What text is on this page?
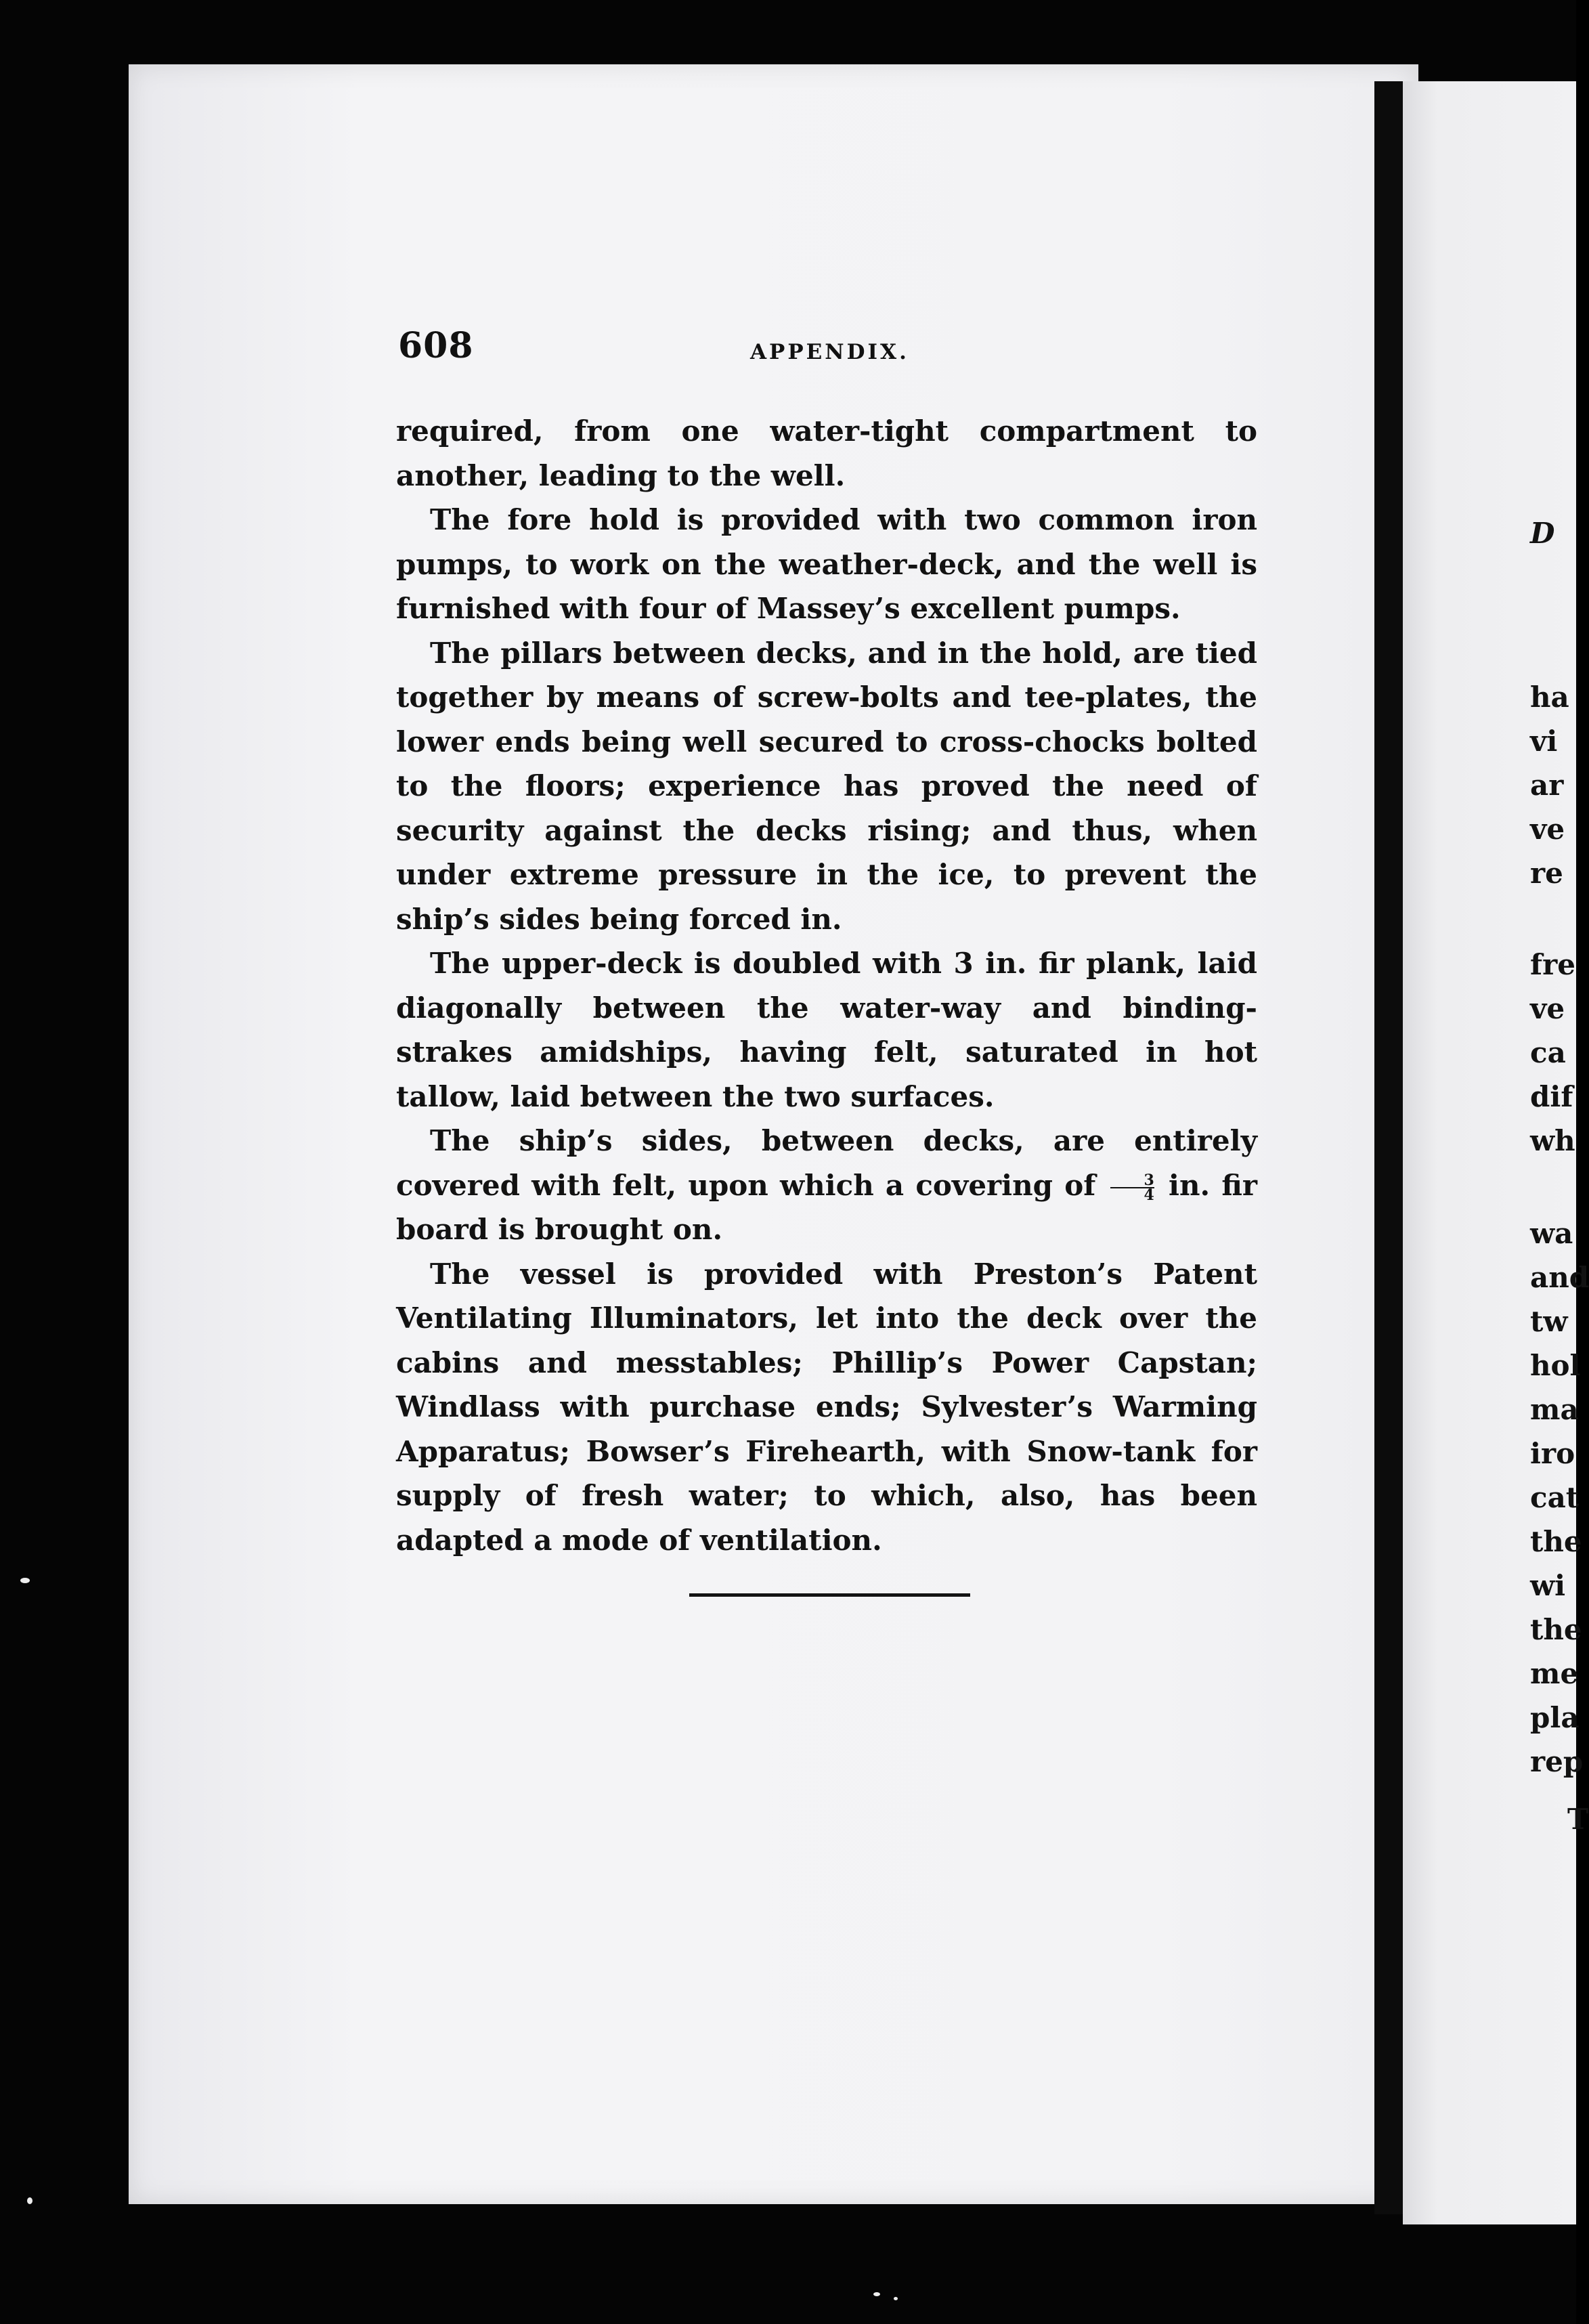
608	APPENDIX.

required, from one water-tight compartment to another, leading to the well.

The fore hold is provided with two common iron pumps, to work on the weather-deck, and the well is furnished with four of Massey’s excellent pumps.

The pillars between decks, and in the hold, are tied together by means of screw-bolts and tee-plates, the lower ends being well secured to cross-chocks bolted to the floors; experience has proved the need of security against the decks rising; and thus, when under extreme pressure in the ice, to prevent the ship’s sides being forced in.

The upper-deck is doubled with 3 in. fir plank, laid diagonally between the water-way and binding-strakes amidships, having felt, saturated in hot tallow, laid between the two surfaces.

The ship’s sides, between decks, are entirely covered with felt, upon which a covering of $\frac{3}{4}$ in. fir board is brought on.

The vessel is provided with Preston’s Patent Ventilating Illuminators, let into the deck over the cabins and messtables; Phillip’s Power Capstan; Windlass with purchase ends; Sylvester’s Warming Apparatus; Bowser’s Firehearth, with Snow-tank for supply of fresh water; to which, also, has been adapted a mode of ventilation.

D
ha
vi
ar
ve
re
fre
ve
ca
dif
wh
wa
and
tw
hol
ma
iro
cat
the
wi
the
me
pla
rep
T
